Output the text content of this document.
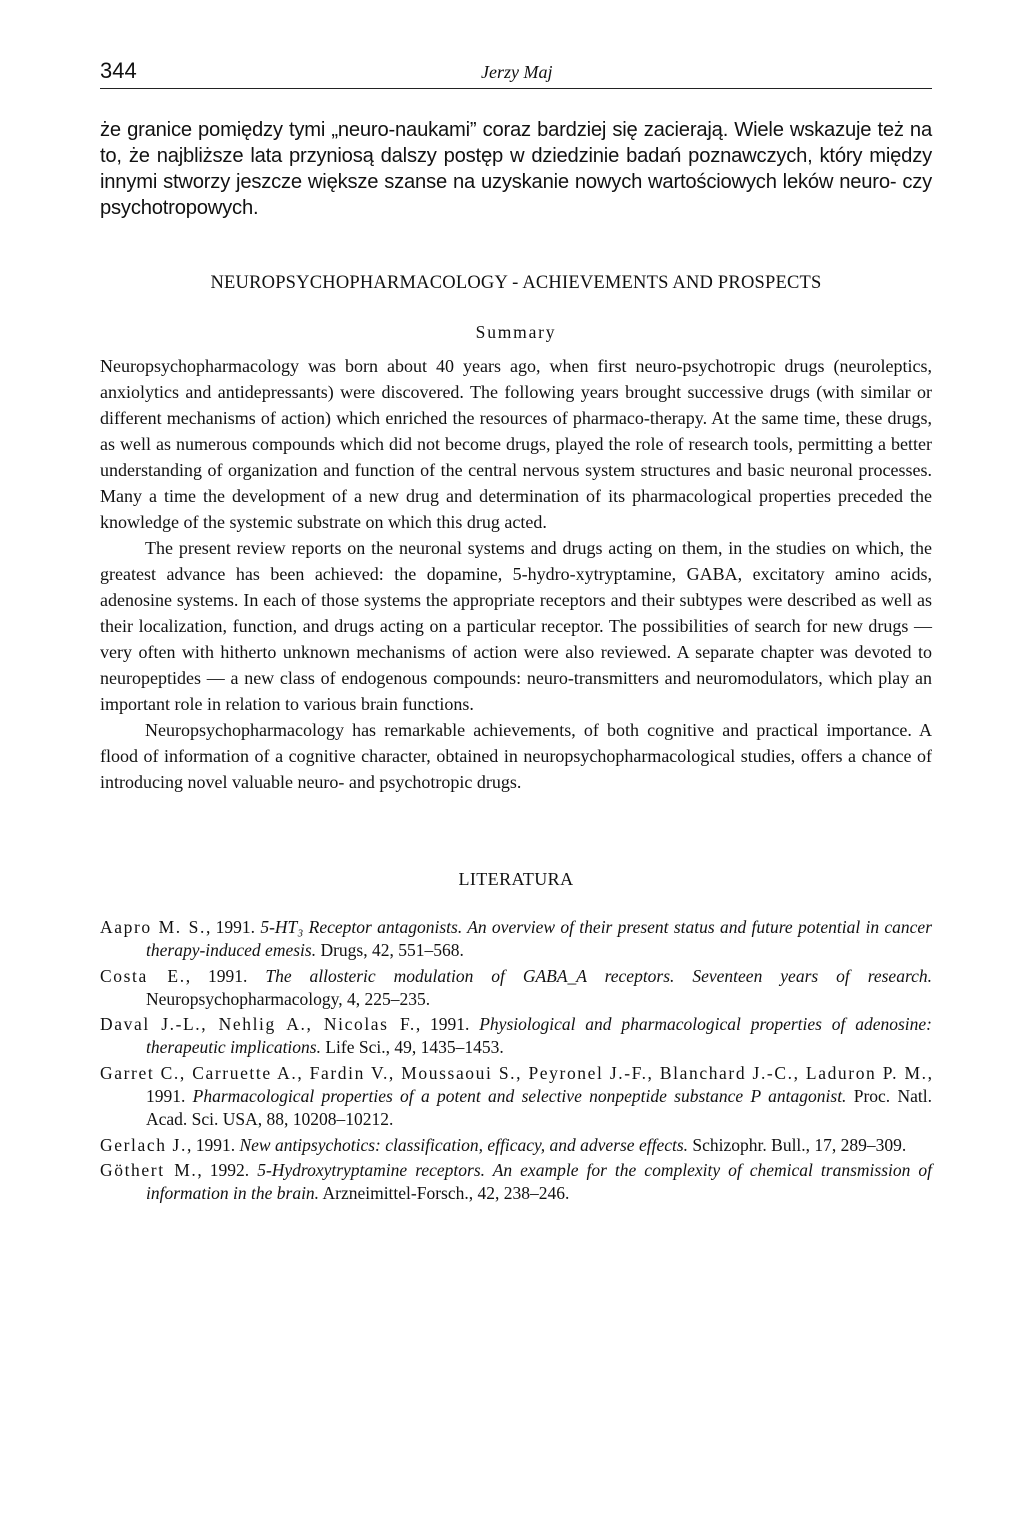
344	Jerzy Maj
że granice pomiędzy tymi „neuro-naukami” coraz bardziej się zacierają. Wiele wskazuje też na to, że najbliższe lata przyniosą dalszy postęp w dziedzinie badań poznawczych, który między innymi stworzy jeszcze większe szanse na uzyskanie nowych wartościowych leków neuro- czy psychotropowych.
NEUROPSYCHOPHARMACOLOGY - ACHIEVEMENTS AND PROSPECTS
Summary

Neuropsychopharmacology was born about 40 years ago, when first neuro-psychotropic drugs (neuroleptics, anxiolytics and antidepressants) were discovered. The following years brought successive drugs (with similar or different mechanisms of action) which enriched the resources of pharmaco-therapy. At the same time, these drugs, as well as numerous compounds which did not become drugs, played the role of research tools, permitting a better understanding of organization and function of the central nervous system structures and basic neuronal processes. Many a time the development of a new drug and determination of its pharmacological properties preceded the knowledge of the systemic substrate on which this drug acted.

The present review reports on the neuronal systems and drugs acting on them, in the studies on which, the greatest advance has been achieved: the dopamine, 5-hydro-xytryptamine, GABA, excitatory amino acids, adenosine systems. In each of those systems the appropriate receptors and their subtypes were described as well as their localization, function, and drugs acting on a particular receptor. The possibilities of search for new drugs — very often with hitherto unknown mechanisms of action were also reviewed. A separate chapter was devoted to neuropeptides — a new class of endogenous compounds: neuro-transmitters and neuromodulators, which play an important role in relation to various brain functions.

Neuropsychopharmacology has remarkable achievements, of both cognitive and practical importance. A flood of information of a cognitive character, obtained in neuropsychopharmacological studies, offers a chance of introducing novel valuable neuro- and psychotropic drugs.

LITERATURA

Aapro M. S., 1991. 5-HT₃ Receptor antagonists. An overview of their present status and future potential in cancer therapy-induced emesis. Drugs, 42, 551–568.

Costa E., 1991. The allosteric modulation of GABA_A receptors. Seventeen years of research. Neuropsychopharmacology, 4, 225–235.

Daval J.-L., Nehlig A., Nicolas F., 1991. Physiological and pharmacological properties of adenosine: therapeutic implications. Life Sci., 49, 1435–1453.

Garret C., Carruette A., Fardin V., Moussaoui S., Peyronel J.-F., Blanchard J.-C., Laduron P. M., 1991. Pharmacological properties of a potent and selective nonpeptide substance P antagonist. Proc. Natl. Acad. Sci. USA, 88, 10208–10212.

Gerlach J., 1991. New antipsychotics: classification, efficacy, and adverse effects. Schizophr. Bull., 17, 289–309.

Göthert M., 1992. 5-Hydroxytryptamine receptors. An example for the complexity of chemical transmission of information in the brain. Arzneimittel-Forsch., 42, 238–246.
